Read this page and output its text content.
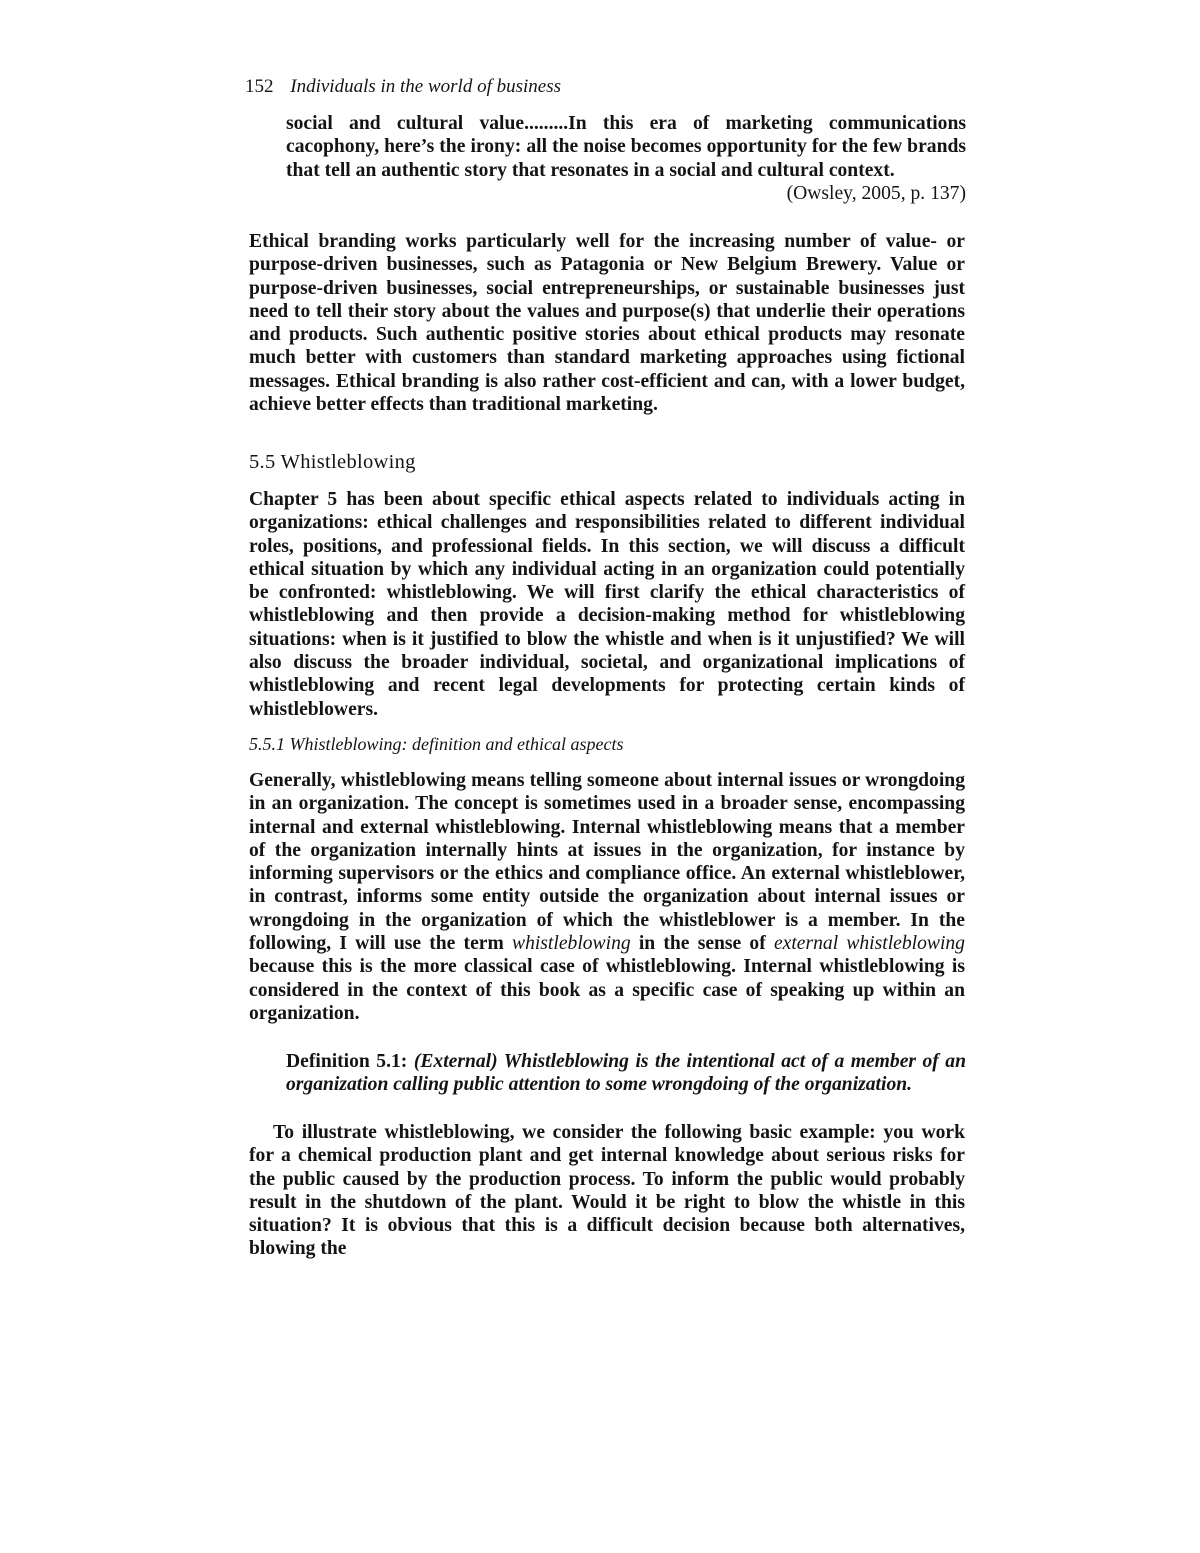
152 Individuals in the world of business
social and cultural value.........In this era of marketing communications cacophony, here’s the irony: all the noise becomes opportunity for the few brands that tell an authentic story that resonates in a social and cultural context.
(Owsley, 2005, p. 137)
Ethical branding works particularly well for the increasing number of value- or purpose-driven businesses, such as Patagonia or New Belgium Brewery. Value or purpose-driven businesses, social entrepreneurships, or sustainable businesses just need to tell their story about the values and purpose(s) that underlie their operations and products. Such authentic positive stories about ethical products may resonate much better with customers than standard marketing approaches using fictional messages. Ethical branding is also rather cost-efficient and can, with a lower budget, achieve better effects than traditional marketing.
5.5 Whistleblowing
Chapter 5 has been about specific ethical aspects related to individuals acting in organizations: ethical challenges and responsibilities related to different individual roles, positions, and professional fields. In this section, we will discuss a difficult ethical situation by which any individual acting in an organization could potentially be confronted: whistleblowing. We will first clarify the ethical characteristics of whistleblowing and then provide a decision-making method for whistleblowing situations: when is it justified to blow the whistle and when is it unjustified? We will also discuss the broader individual, societal, and organizational implications of whistleblowing and recent legal developments for protecting certain kinds of whistleblowers.
5.5.1 Whistleblowing: definition and ethical aspects
Generally, whistleblowing means telling someone about internal issues or wrongdoing in an organization. The concept is sometimes used in a broader sense, encompassing internal and external whistleblowing. Internal whistleblowing means that a member of the organization internally hints at issues in the organization, for instance by informing supervisors or the ethics and compliance office. An external whistleblower, in contrast, informs some entity outside the organization about internal issues or wrongdoing in the organization of which the whistleblower is a member. In the following, I will use the term whistleblowing in the sense of external whistleblowing because this is the more classical case of whistleblowing. Internal whistleblowing is considered in the context of this book as a specific case of speaking up within an organization.
Definition 5.1: (External) Whistleblowing is the intentional act of a member of an organization calling public attention to some wrongdoing of the organization.
To illustrate whistleblowing, we consider the following basic example: you work for a chemical production plant and get internal knowledge about serious risks for the public caused by the production process. To inform the public would probably result in the shutdown of the plant. Would it be right to blow the whistle in this situation? It is obvious that this is a difficult decision because both alternatives, blowing the
